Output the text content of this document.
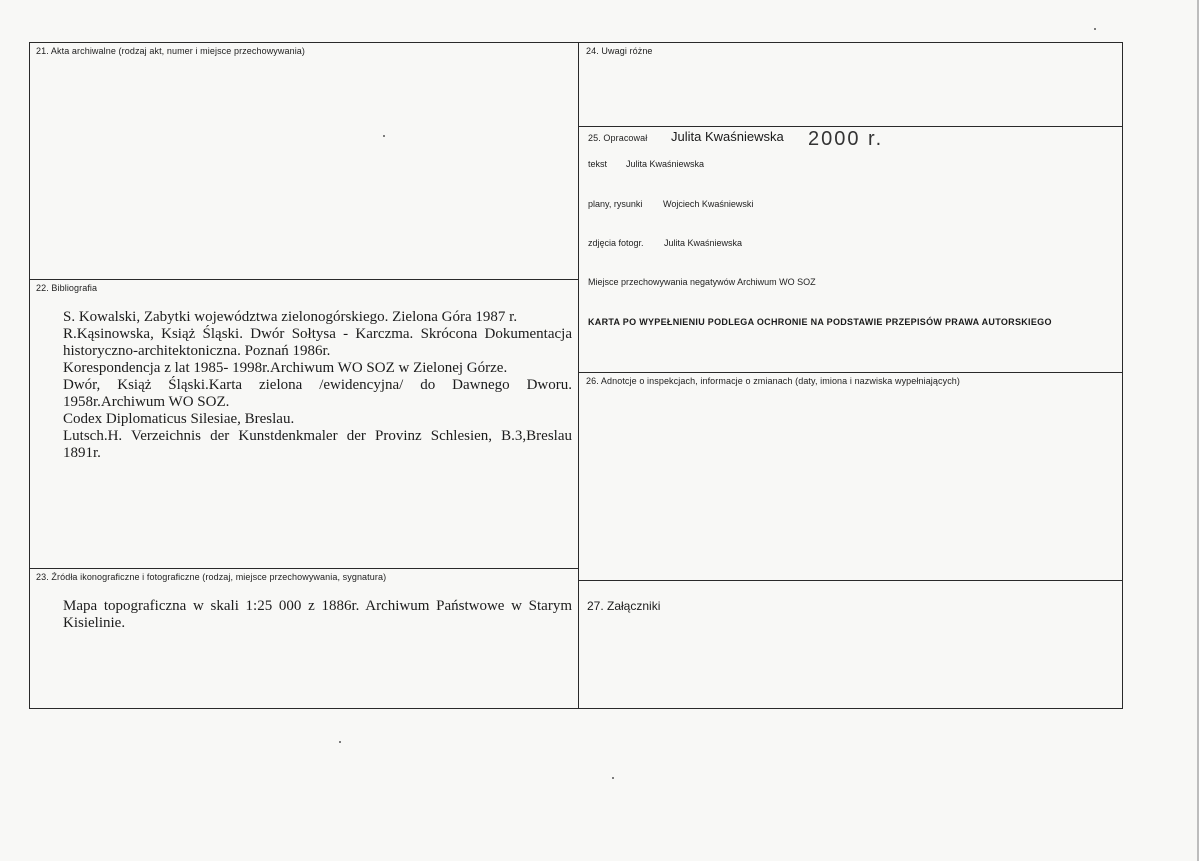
21. Akta archiwalne (rodzaj akt, numer i miejsce przechowywania)
22. Bibliografia
S. Kowalski, Zabytki województwa zielonogórskiego. Zielona Góra 1987 r.
R.Kąsinowska, Książ Śląski. Dwór Sołtysa - Karczma. Skrócona Dokumentacja historyczno-architektoniczna. Poznań 1986r.
Korespondencja z lat 1985- 1998r.Archiwum WO SOZ w Zielonej Górze.
Dwór, Książ Śląski.Karta zielona /ewidencyjna/ do Dawnego Dworu. 1958r.Archiwum WO SOZ.
Codex Diplomaticus Silesiae, Breslau.
Lutsch.H. Verzeichnis der Kunstdenkmaler der Provinz Schlesien, B.3,Breslau 1891r.
23. Źródła ikonograficzne i fotograficzne (rodzaj, miejsce przechowywania, sygnatura)
Mapa topograficzna w skali 1:25 000 z 1886r. Archiwum Państwowe w Starym Kisielinie.
24. Uwagi różne
25. Opracował Julita Kwaśniewska 2000 r.
tekst Julita Kwaśniewska
plany, rysunki Wojciech Kwaśniewski
zdjęcia fotogr. Julita Kwaśniewska
Miejsce przechowywania negatywów Archiwum WO SOZ
KARTA PO WYPEŁNIENIU PODLEGA OCHRONIE NA PODSTAWIE PRZEPISÓW PRAWA AUTORSKIEGO
26. Adnotcje o inspekcjach, informacje o zmianach (daty, imiona i nazwiska wypełniających)
27. Załączniki
